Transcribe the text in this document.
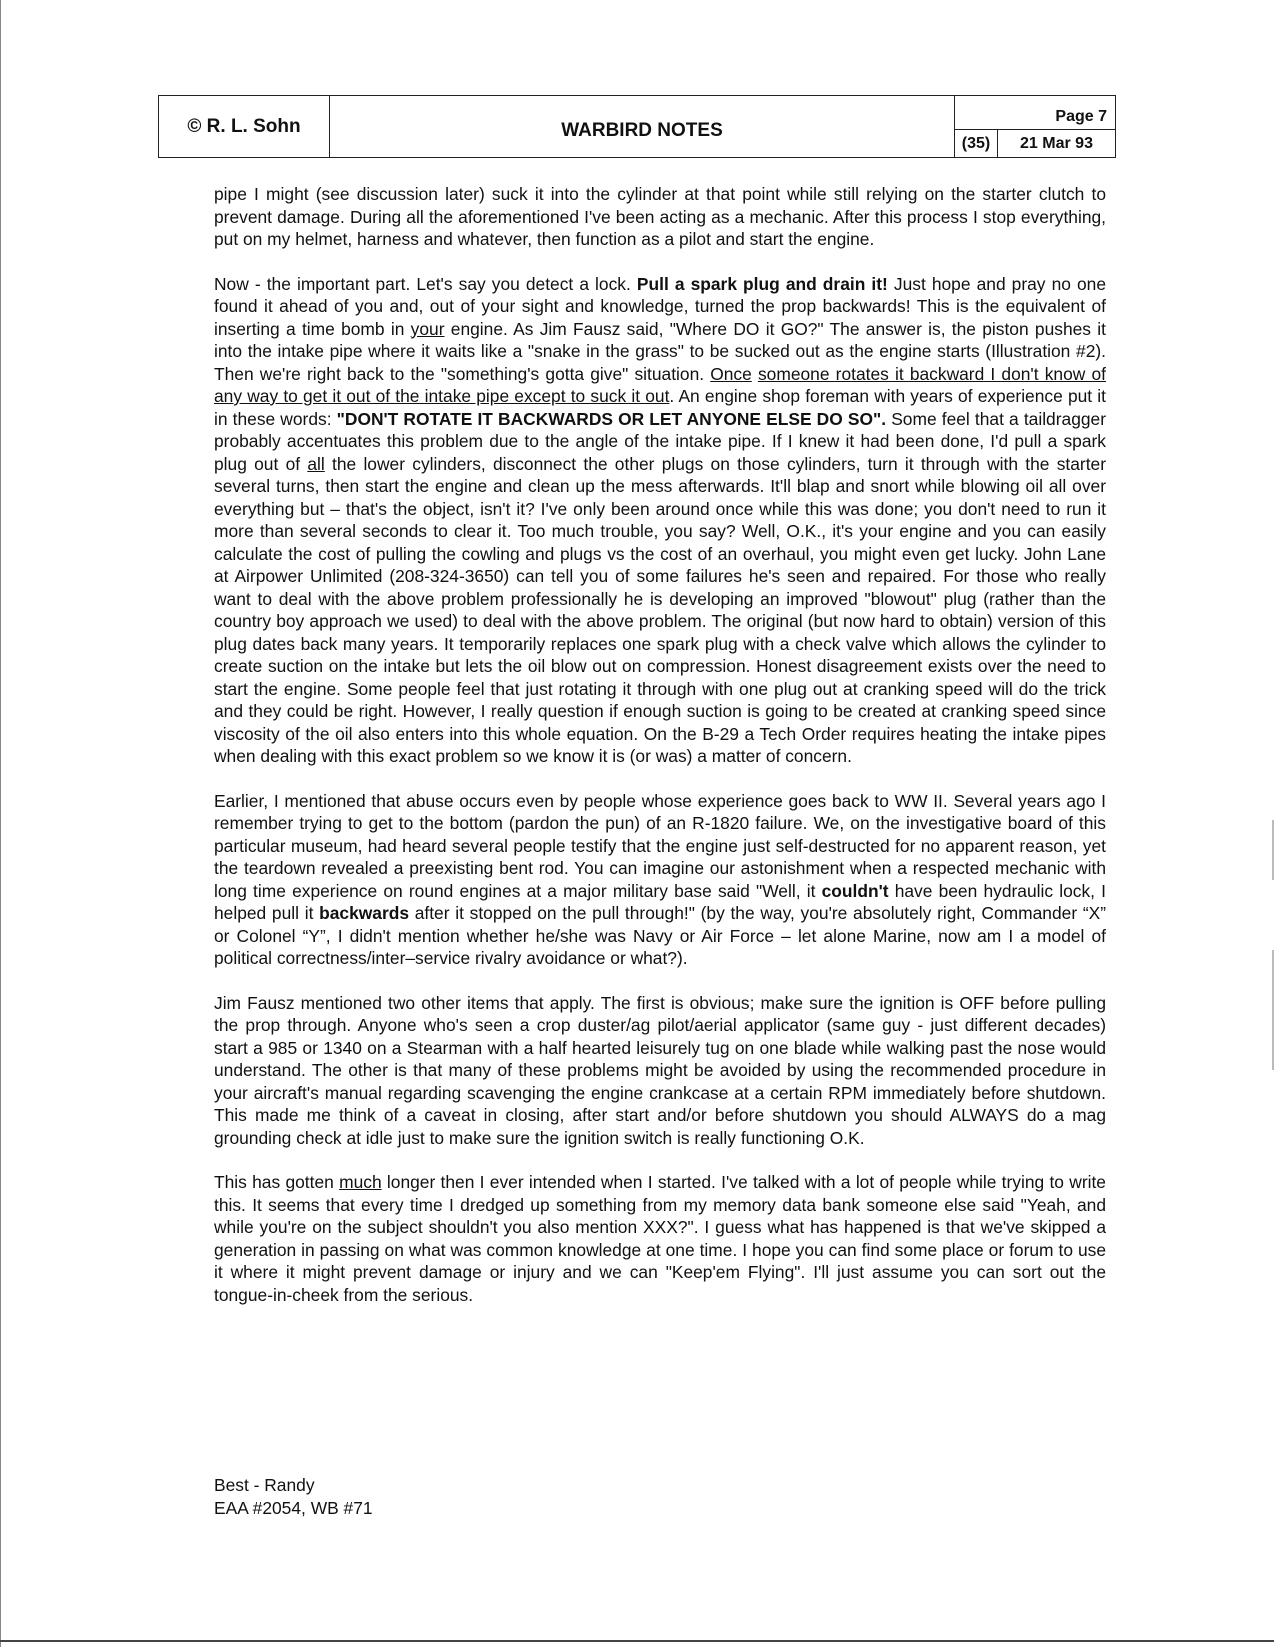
© R. L. Sohn	WARBIRD NOTES
Page 7
(35)	21 Mar 93

pipe I might (see discussion later) suck it into the cylinder at that point while still relying on the starter clutch to prevent damage. During all the aforementioned I've been acting as a mechanic. After this process I stop everything, put on my helmet, harness and whatever, then function as a pilot and start the engine.

Now - the important part. Let's say you detect a lock. Pull a spark plug and drain it! Just hope and pray no one found it ahead of you and, out of your sight and knowledge, turned the prop backwards! This is the equivalent of inserting a time bomb in your engine. As Jim Fausz said, "Where DO it GO?" The answer is, the piston pushes it into the intake pipe where it waits like a "snake in the grass" to be sucked out as the engine starts (Illustration #2). Then we're right back to the "something's gotta give" situation. Once someone rotates it backward I don't know of any way to get it out of the intake pipe except to suck it out. An engine shop foreman with years of experience put it in these words: "DON'T ROTATE IT BACKWARDS OR LET ANYONE ELSE DO SO". Some feel that a taildragger probably accentuates this problem due to the angle of the intake pipe. If I knew it had been done, I'd pull a spark plug out of all the lower cylinders, disconnect the other plugs on those cylinders, turn it through with the starter several turns, then start the engine and clean up the mess afterwards. It'll blap and snort while blowing oil all over everything but – that's the object, isn't it? I've only been around once while this was done; you don't need to run it more than several seconds to clear it. Too much trouble, you say? Well, O.K., it's your engine and you can easily calculate the cost of pulling the cowling and plugs vs the cost of an overhaul, you might even get lucky. John Lane at Airpower Unlimited (208-324-3650) can tell you of some failures he's seen and repaired. For those who really want to deal with the above problem professionally he is developing an improved "blowout" plug (rather than the country boy approach we used) to deal with the above problem. The original (but now hard to obtain) version of this plug dates back many years. It temporarily replaces one spark plug with a check valve which allows the cylinder to create suction on the intake but lets the oil blow out on compression. Honest disagreement exists over the need to start the engine. Some people feel that just rotating it through with one plug out at cranking speed will do the trick and they could be right. However, I really question if enough suction is going to be created at cranking speed since viscosity of the oil also enters into this whole equation. On the B-29 a Tech Order requires heating the intake pipes when dealing with this exact problem so we know it is (or was) a matter of concern.

Earlier, I mentioned that abuse occurs even by people whose experience goes back to WW II. Several years ago I remember trying to get to the bottom (pardon the pun) of an R-1820 failure. We, on the investigative board of this particular museum, had heard several people testify that the engine just self-destructed for no apparent reason, yet the teardown revealed a preexisting bent rod. You can imagine our astonishment when a respected mechanic with long time experience on round engines at a major military base said "Well, it couldn't have been hydraulic lock, I helped pull it backwards after it stopped on the pull through!" (by the way, you're absolutely right, Commander “X” or Colonel “Y”, I didn't mention whether he/she was Navy or Air Force – let alone Marine, now am I a model of political correctness/inter–service rivalry avoidance or what?).

Jim Fausz mentioned two other items that apply. The first is obvious; make sure the ignition is OFF before pulling the prop through. Anyone who's seen a crop duster/ag pilot/aerial applicator (same guy - just different decades) start a 985 or 1340 on a Stearman with a half hearted leisurely tug on one blade while walking past the nose would understand. The other is that many of these problems might be avoided by using the recommended procedure in your aircraft's manual regarding scavenging the engine crankcase at a certain RPM immediately before shutdown. This made me think of a caveat in closing, after start and/or before shutdown you should ALWAYS do a mag grounding check at idle just to make sure the ignition switch is really functioning O.K.

This has gotten much longer then I ever intended when I started. I've talked with a lot of people while trying to write this. It seems that every time I dredged up something from my memory data bank someone else said "Yeah, and while you're on the subject shouldn't you also mention XXX?". I guess what has happened is that we've skipped a generation in passing on what was common knowledge at one time. I hope you can find some place or forum to use it where it might prevent damage or injury and we can "Keep'em Flying". I'll just assume you can sort out the tongue-in-cheek from the serious.

Best - Randy
EAA #2054, WB #71
